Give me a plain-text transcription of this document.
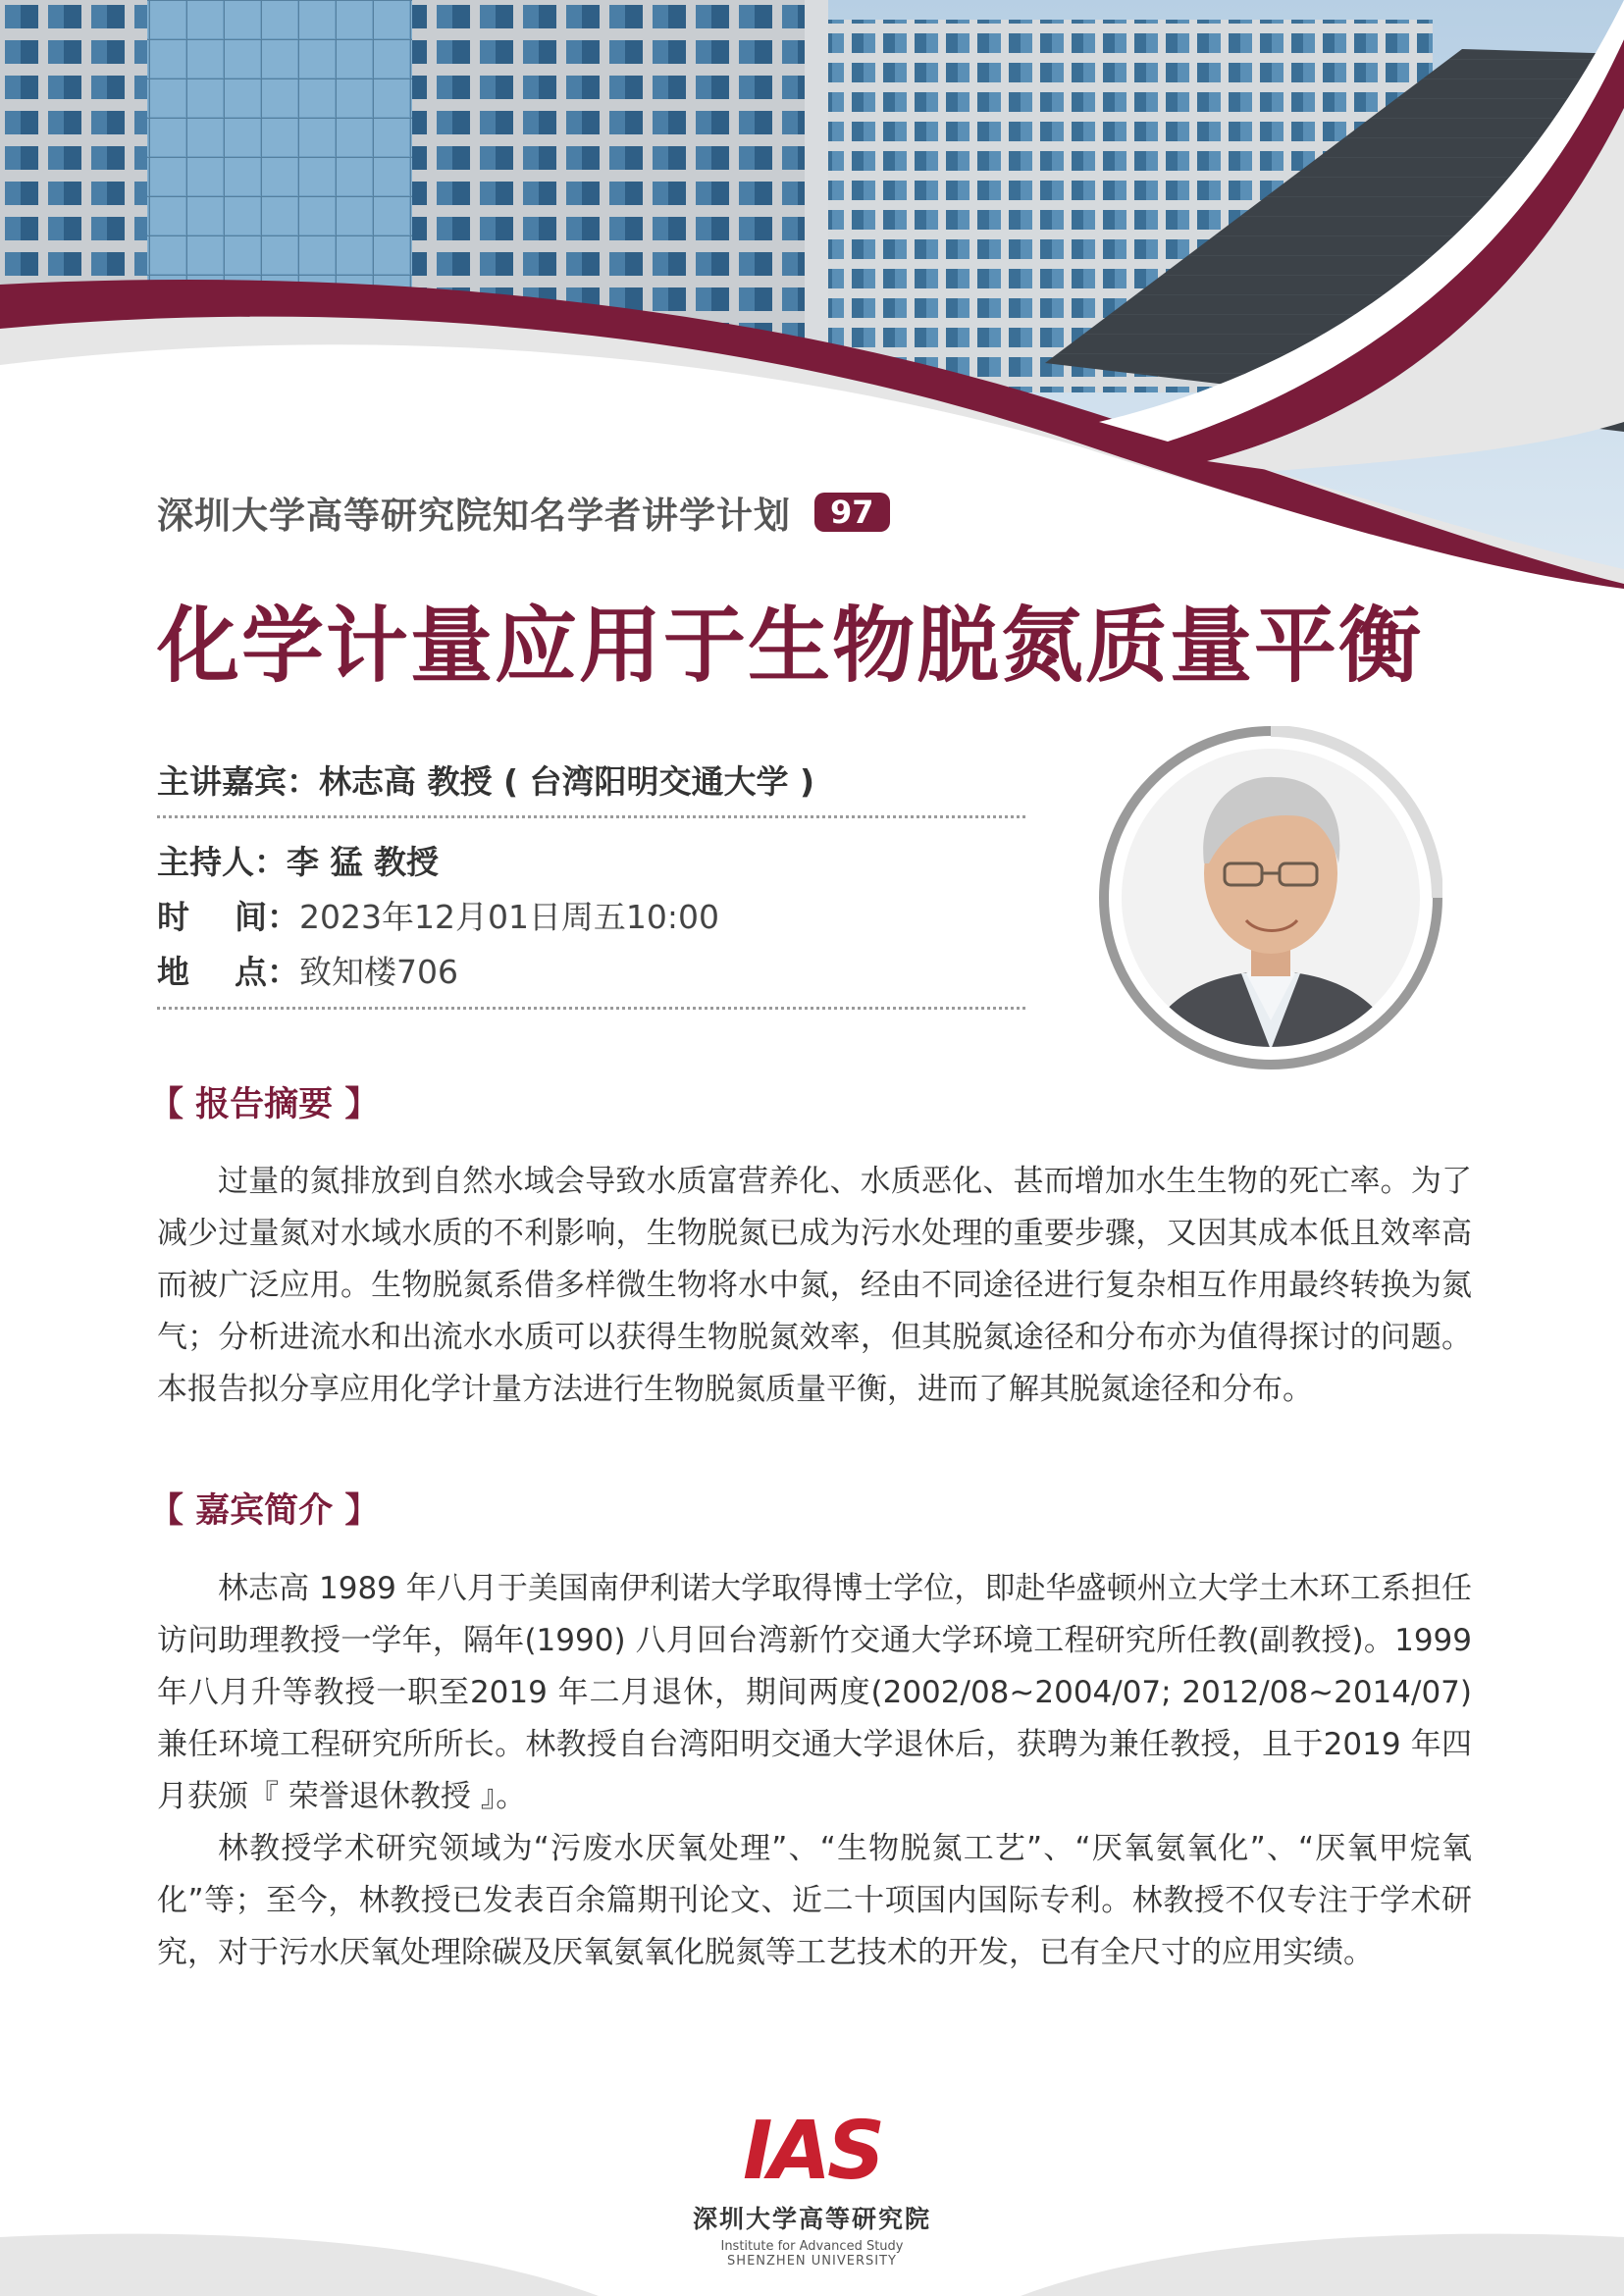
深圳大学高等研究院知名学者讲学计划	97
化学计量应用于生物脱氮质量平衡
主讲嘉宾：林志高 教授 ( 台湾阳明交通大学 )
主持人：李 猛 教授
时    间：2023年12月01日周五10:00
地    点：致知楼706
【 报告摘要 】

过量的氮排放到自然水域会导致水质富营养化、水质恶化、甚而增加水生生物的死亡率。为了减少过量氮对水域水质的不利影响，生物脱氮已成为污水处理的重要步骤，又因其成本低且效率高而被广泛应用。生物脱氮系借多样微生物将水中氮，经由不同途径进行复杂相互作用最终转换为氮气；分析进流水和出流水水质可以获得生物脱氮效率，但其脱氮途径和分布亦为值得探讨的问题。本报告拟分享应用化学计量方法进行生物脱氮质量平衡，进而了解其脱氮途径和分布。

【 嘉宾简介 】

林志高 1989 年八月于美国南伊利诺大学取得博士学位，即赴华盛顿州立大学土木环工系担任访问助理教授一学年，隔年(1990) 八月回台湾新竹交通大学环境工程研究所任教(副教授)。1999 年八月升等教授一职至2019 年二月退休，期间两度(2002/08~2004/07; 2012/08~2014/07) 兼任环境工程研究所所长。林教授自台湾阳明交通大学退休后，获聘为兼任教授，且于2019 年四月获颁『 荣誉退休教授 』。

林教授学术研究领域为“污废水厌氧处理”、“生物脱氮工艺”、“厌氧氨氧化”、“厌氧甲烷氧化”等；至今，林教授已发表百余篇期刊论文、近二十项国内国际专利。林教授不仅专注于学术研究，对于污水厌氧处理除碳及厌氧氨氧化脱氮等工艺技术的开发，已有全尺寸的应用实绩。

IAS
深圳大学高等研究院
Institute for Advanced Study
SHENZHEN UNIVERSITY
